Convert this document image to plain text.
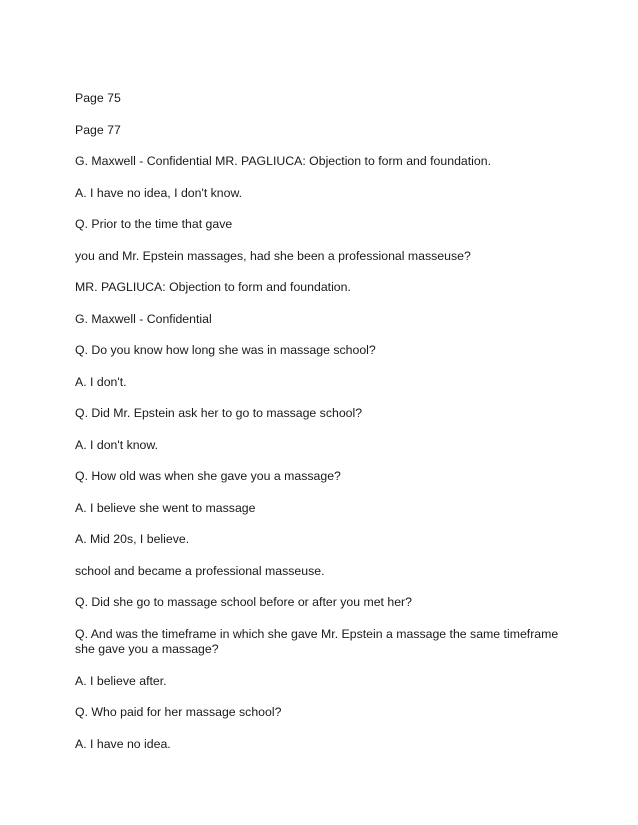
Page 75

Page 77

G. Maxwell - Confidential MR. PAGLIUCA: Objection to form and foundation.

A. I have no idea, I don't know.

Q. Prior to the time that gave

you and Mr. Epstein massages, had she been a professional masseuse?

MR. PAGLIUCA: Objection to form and foundation.

G. Maxwell - Confidential

Q. Do you know how long she was in massage school?

A. I don't.

Q. Did Mr. Epstein ask her to go to massage school?

A. I don't know.

Q. How old was when she gave you a massage?

A. I believe she went to massage

A. Mid 20s, I believe.

school and became a professional masseuse.

Q. Did she go to massage school before or after you met her?

Q. And was the timeframe in which she gave Mr. Epstein a massage the same timeframe she gave you a massage?

A. I believe after.

Q. Who paid for her massage school?

A. I have no idea.
